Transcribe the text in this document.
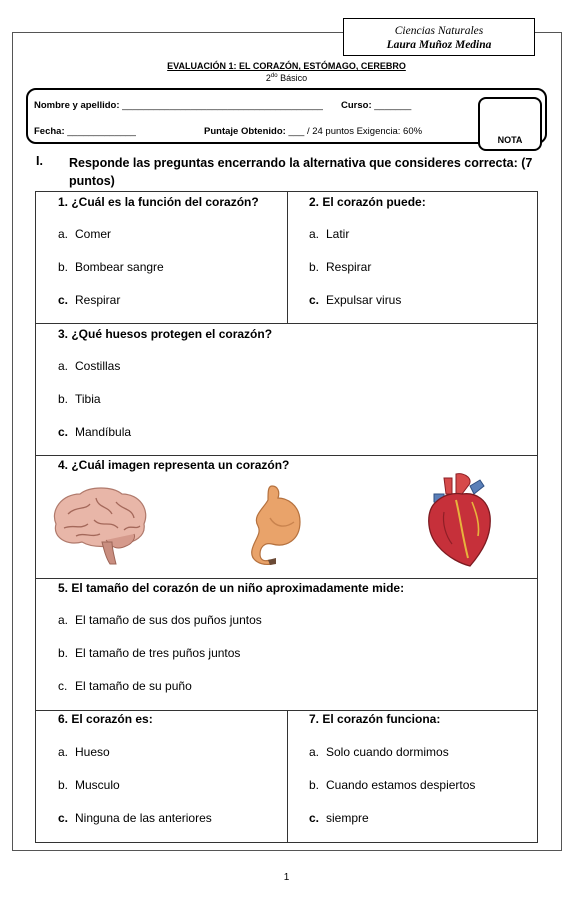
Ciencias Naturales
Laura Muñoz Medina
EVALUACIÓN 1: EL CORAZÓN, ESTÓMAGO, CEREBRO
$2^{do}$ Básico
Nombre y apellido: ______________________________________ Curso: _______
Fecha: _____________	Puntaje Obtenido: ___ / 24 puntos Exigencia: 60%
NOTA
I. Responde las preguntas encerrando la alternativa que consideres correcta: (7 puntos)
1. ¿Cuál es la función del corazón?
a. Comer
b. Bombear sangre
c. Respirar
2. El corazón puede:
a. Latir
b. Respirar
c. Expulsar virus
3. ¿Qué huesos protegen el corazón?
a. Costillas
b. Tibia
c. Mandíbula
4. ¿Cuál imagen representa un corazón?
5. El tamaño del corazón de un niño aproximadamente mide:
a. El tamaño de sus dos puños juntos
b. El tamaño de tres puños juntos
c. El tamaño de su puño
6. El corazón es:
a. Hueso
b. Musculo
c. Ninguna de las anteriores
7. El corazón funciona:
a. Solo cuando dormimos
b. Cuando estamos despiertos
c. siempre
1
